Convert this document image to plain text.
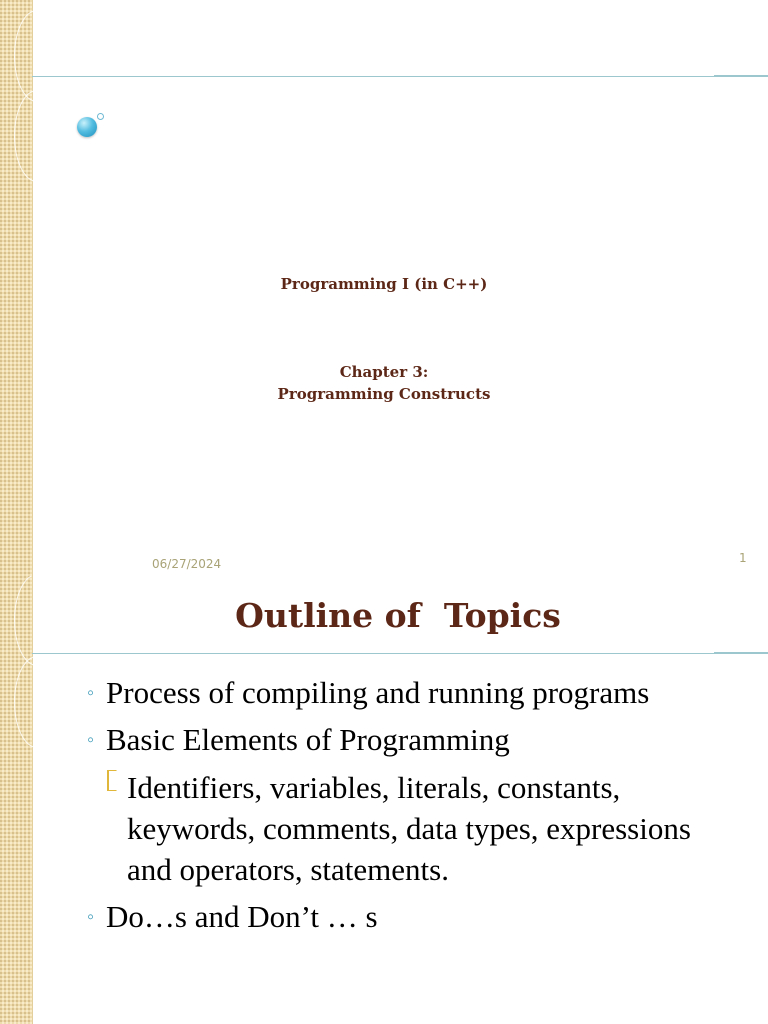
Programming I (in C++)
Chapter 3:
Programming Constructs
06/27/2024	1
Outline of  Topics
◦ Process of compiling and running programs
◦ Basic Elements of Programming
Identifiers, variables, literals, constants, keywords, comments, data types, expressions and operators, statements.
◦ Do…s and Don’t … s
